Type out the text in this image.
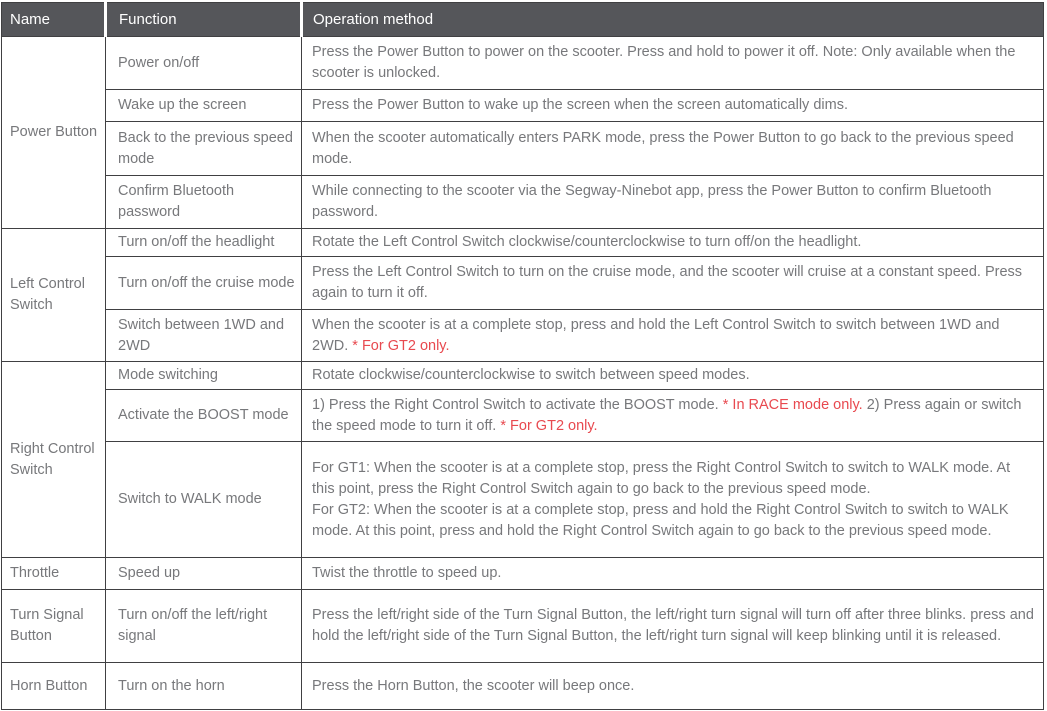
Name	Function	Operation method
Power Button	Power on/off	Press the Power Button to power on the scooter. Press and hold to power it off. Note: Only available when the scooter is unlocked.
	Wake up the screen	Press the Power Button to wake up the screen when the screen automatically dims.
	Back to the previous speed mode	When the scooter automatically enters PARK mode, press the Power Button to go back to the previous speed mode.
	Confirm Bluetooth password	While connecting to the scooter via the Segway-Ninebot app, press the Power Button to confirm Bluetooth password.
Left Control Switch	Turn on/off the headlight	Rotate the Left Control Switch clockwise/counterclockwise to turn off/on the headlight.
	Turn on/off the cruise mode	Press the Left Control Switch to turn on the cruise mode, and the scooter will cruise at a constant speed. Press again to turn it off.
	Switch between 1WD and 2WD	When the scooter is at a complete stop, press and hold the Left Control Switch to switch between 1WD and 2WD. * For GT2 only.
Right Control Switch	Mode switching	Rotate clockwise/counterclockwise to switch between speed modes.
	Activate the BOOST mode	1) Press the Right Control Switch to activate the BOOST mode. * In RACE mode only. 2) Press again or switch the speed mode to turn it off. * For GT2 only.
	Switch to WALK mode	For GT1: When the scooter is at a complete stop, press the Right Control Switch to switch to WALK mode. At this point, press the Right Control Switch again to go back to the previous speed mode.
For GT2: When the scooter is at a complete stop, press and hold the Right Control Switch to switch to WALK mode. At this point, press and hold the Right Control Switch again to go back to the previous speed mode.
Throttle	Speed up	Twist the throttle to speed up.
Turn Signal Button	Turn on/off the left/right signal	Press the left/right side of the Turn Signal Button, the left/right turn signal will turn off after three blinks. press and hold the left/right side of the Turn Signal Button, the left/right turn signal will keep blinking until it is released.
Horn Button	Turn on the horn	Press the Horn Button, the scooter will beep once.
